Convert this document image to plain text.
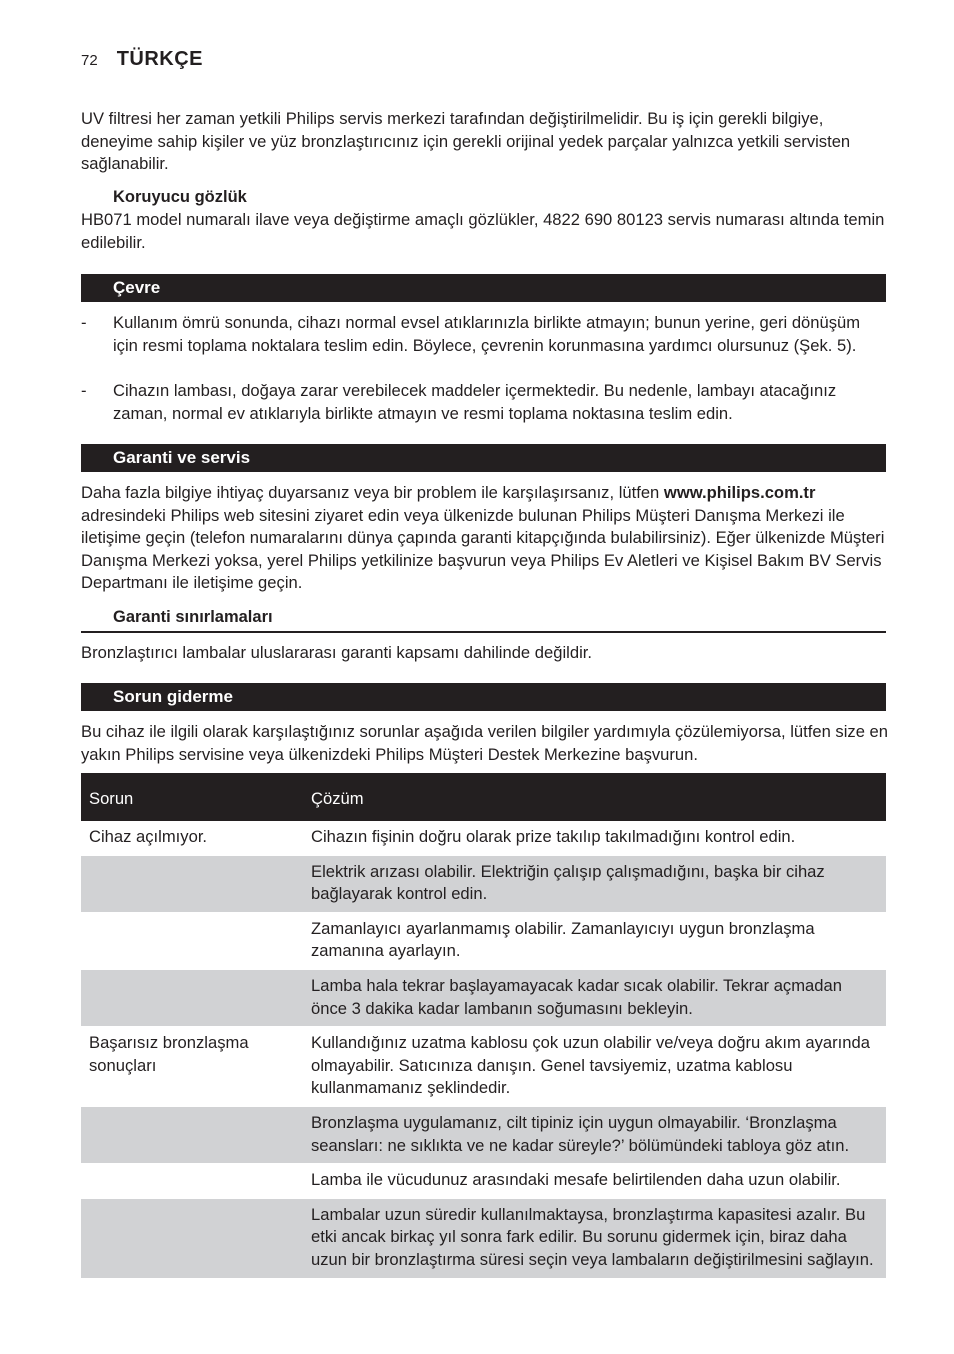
72 TÜRKÇE
UV filtresi her zaman yetkili Philips servis merkezi tarafından değiştirilmelidir. Bu iş için gerekli bilgiye, deneyime sahip kişiler ve yüz bronzlaştırıcınız için gerekli orijinal yedek parçalar yalnızca yetkili servisten sağlanabilir.
Koruyucu gözlük
HB071 model numaralı ilave veya değiştirme amaçlı gözlükler, 4822 690 80123 servis numarası altında temin edilebilir.
Çevre
- Kullanım ömrü sonunda, cihazı normal evsel atıklarınızla birlikte atmayın; bunun yerine, geri dönüşüm için resmi toplama noktalara teslim edin. Böylece, çevrenin korunmasına yardımcı olursunuz (Şek. 5).
- Cihazın lambası, doğaya zarar verebilecek maddeler içermektedir. Bu nedenle, lambayı atacağınız zaman, normal ev atıklarıyla birlikte atmayın ve resmi toplama noktasına teslim edin.
Garanti ve servis
Daha fazla bilgiye ihtiyaç duyarsanız veya bir problem ile karşılaşırsanız, lütfen www.philips.com.tr adresindeki Philips web sitesini ziyaret edin veya ülkenizde bulunan Philips Müşteri Danışma Merkezi ile iletişime geçin (telefon numaralarını dünya çapında garanti kitapçığında bulabilirsiniz). Eğer ülkenizde Müşteri Danışma Merkezi yoksa, yerel Philips yetkilinize başvurun veya Philips Ev Aletleri ve Kişisel Bakım BV Servis Departmanı ile iletişime geçin.
Garanti sınırlamaları
Bronzlaştırıcı lambalar uluslararası garanti kapsamı dahilinde değildir.
Sorun giderme
Bu cihaz ile ilgili olarak karşılaştığınız sorunlar aşağıda verilen bilgiler yardımıyla çözülemiyorsa, lütfen size en yakın Philips servisine veya ülkenizdeki Philips Müşteri Destek Merkezine başvurun.
Sorun	Çözüm
Cihaz açılmıyor.	Cihazın fişinin doğru olarak prize takılıp takılmadığını kontrol edin.
	Elektrik arızası olabilir. Elektriğin çalışıp çalışmadığını, başka bir cihaz bağlayarak kontrol edin.
	Zamanlayıcı ayarlanmamış olabilir. Zamanlayıcıyı uygun bronzlaşma zamanına ayarlayın.
	Lamba hala tekrar başlayamayacak kadar sıcak olabilir. Tekrar açmadan önce 3 dakika kadar lambanın soğumasını bekleyin.
Başarısız bronzlaşma sonuçları	Kullandığınız uzatma kablosu çok uzun olabilir ve/veya doğru akım ayarında olmayabilir. Satıcınıza danışın. Genel tavsiyemiz, uzatma kablosu kullanmamanız şeklindedir.
	Bronzlaşma uygulamanız, cilt tipiniz için uygun olmayabilir. ‘Bronzlaşma seansları: ne sıklıkta ve ne kadar süreyle?’ bölümündeki tabloya göz atın.
	Lamba ile vücudunuz arasındaki mesafe belirtilenden daha uzun olabilir.
	Lambalar uzun süredir kullanılmaktaysa, bronzlaştırma kapasitesi azalır. Bu etki ancak birkaç yıl sonra fark edilir. Bu sorunu gidermek için, biraz daha uzun bir bronzlaştırma süresi seçin veya lambaların değiştirilmesini sağlayın.
